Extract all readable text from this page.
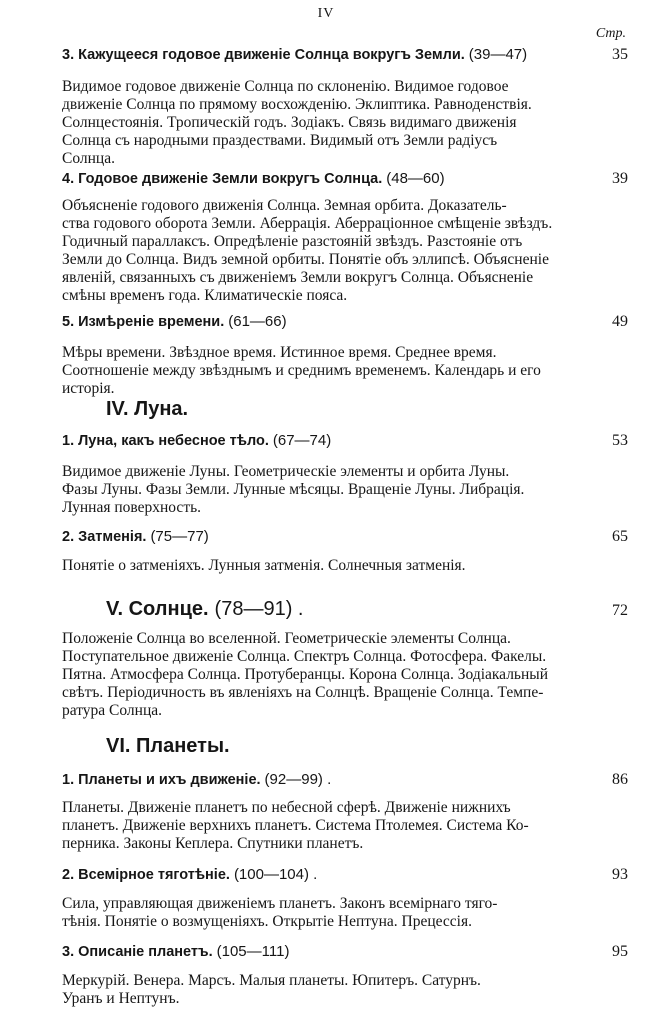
IV
Стр.
3. Кажущееся годовое движенiе Солнца вокругъ Земли. (39—47)	35
Видимое годовое движенiе Солнца по склоненiю. Видимое годовое
движенiе Солнца по прямому восхожденiю. Эклиптика. Равноденствiя.
Солнцестоянiя. Тропическiй годъ. Зодiакъ. Связь видимаго движенiя
Солнца съ народными праздествами. Видимый отъ Земли радiусъ
Солнца.
4. Годовое движенiе Земли вокругъ Солнца. (48—60)	39
Объясненiе годового движенiя Солнца. Земная орбита. Доказатель-
ства годового оборота Земли. Аберрацiя. Аберрацiонное смѣщенiе звѣздъ.
Годичный параллаксъ. Опредѣленiе разстоянiй звѣздъ. Разстоянiе отъ
Земли до Солнца. Видъ земной орбиты. Понятiе объ эллипсѣ. Объясненiе
явленiй, связанныхъ съ движенiемъ Земли вокругъ Солнца. Объясненiе
смѣны временъ года. Климатическiе пояса.
5. Измѣренiе времени. (61—66)	49
Мѣры времени. Звѣздное время. Истинное время. Среднее время.
Соотношенiе между звѣзднымъ и среднимъ временемъ. Календарь и его
исторiя.
IV. Луна.
1. Луна, какъ небесное тѣло. (67—74)	53
Видимое движенiе Луны. Геометрическiе элементы и орбита Луны.
Фазы Луны. Фазы Земли. Лунные мѣсяцы. Вращенiе Луны. Либрацiя.
Лунная поверхность.
2. Затменiя. (75—77)	65
Понятiе о затменiяхъ. Лунныя затменiя. Солнечныя затменiя.
V. Солнце. (78—91) .	72
Положенiе Солнца во вселенной. Геометрическiе элементы Солнца.
Поступательное движенiе Солнца. Спектръ Солнца. Фотосфера. Факелы.
Пятна. Атмосфера Солнца. Протуберанцы. Корона Солнца. Зодiакальный
свѣтъ. Перiодичность въ явленiяхъ на Солнцѣ. Вращенiе Солнца. Темпе-
ратура Солнца.
VI. Планеты.
1. Планеты и ихъ движенiе. (92—99) .	86
Планеты. Движенiе планетъ по небесной сферѣ. Движенiе нижнихъ
планетъ. Движенiе верхнихъ планетъ. Система Птолемея. Система Ко-
перника. Законы Кеплера. Спутники планетъ.
2. Всемiрное тяготѣнiе. (100—104) .	93
Сила, управляющая движенiемъ планетъ. Законъ всемiрнаго тяго-
тѣнiя. Понятiе о возмущенiяхъ. Открытiе Нептуна. Прецессiя.
3. Описанiе планетъ. (105—111)	95
Меркурiй. Венера. Марсъ. Малыя планеты. Юпитеръ. Сатурнъ.
Уранъ и Нептунъ.
